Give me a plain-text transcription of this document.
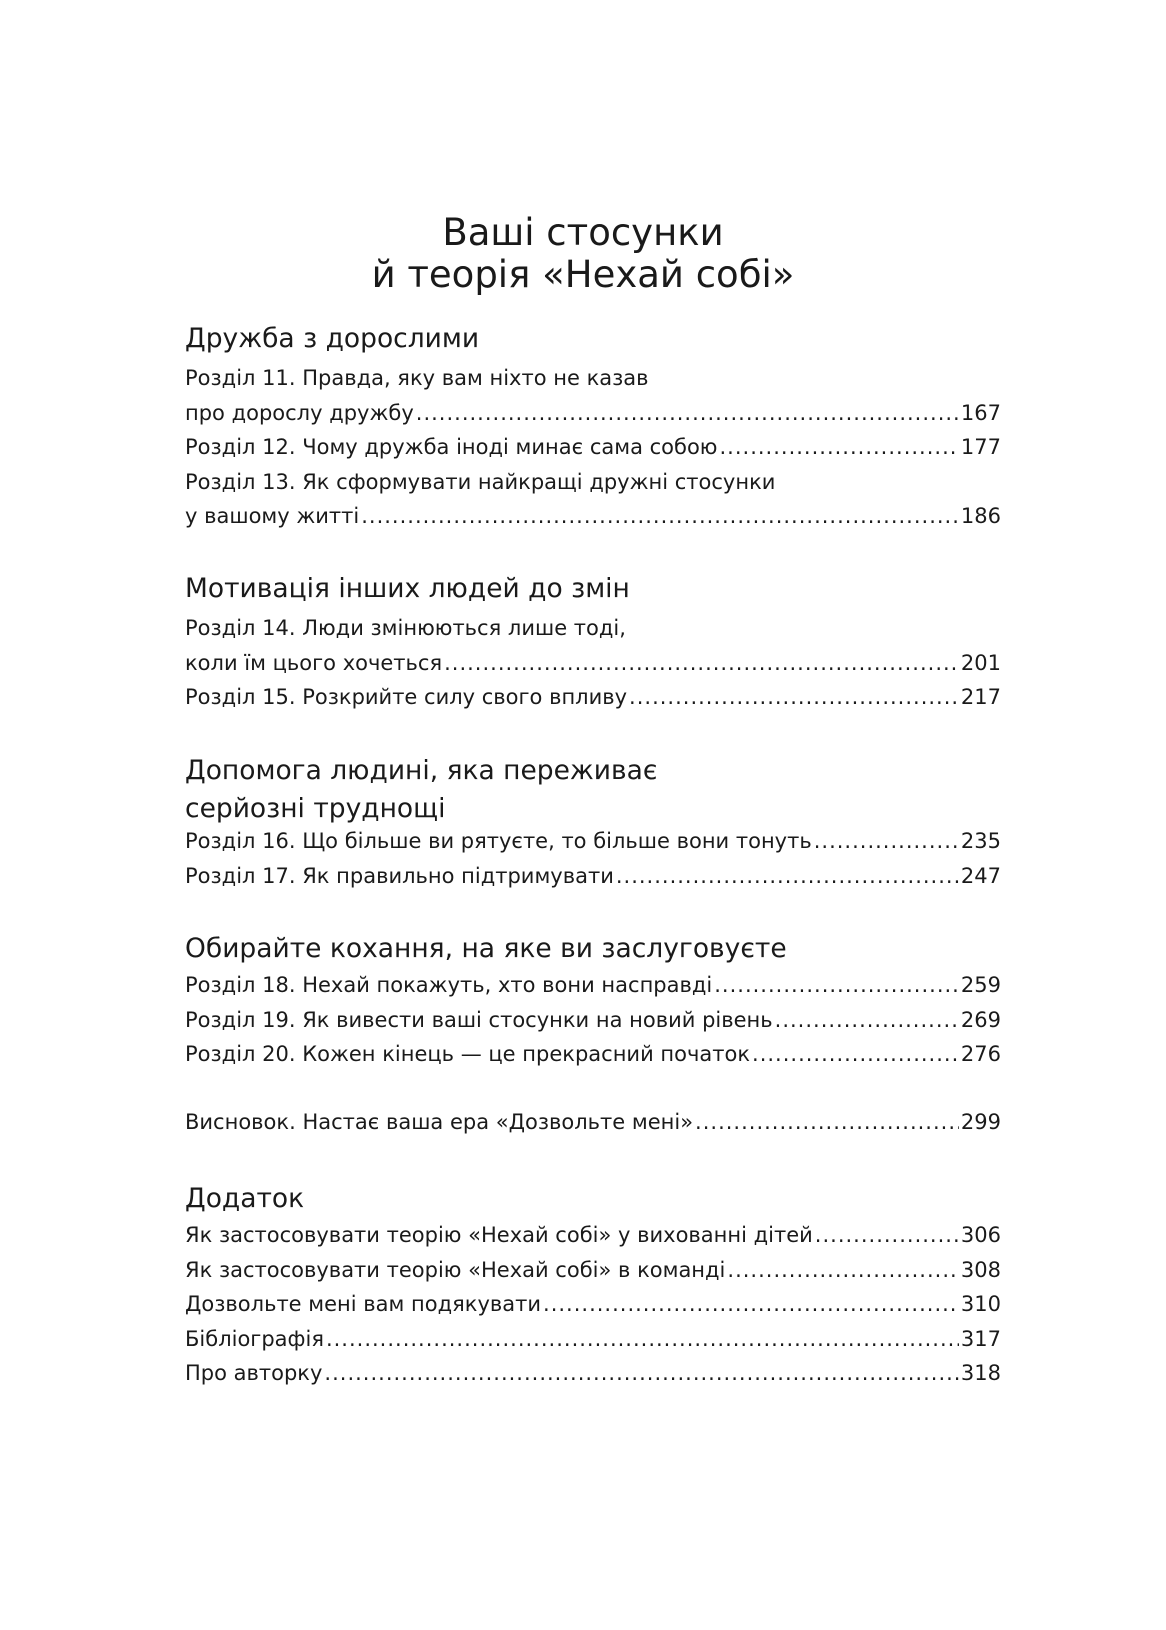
Ваші стосунки
й теорія «Нехай собі»
Дружба з дорослими
Розділ 11. Правда, яку вам ніхто не казав
про дорослу дружбу .....	167
Розділ 12. Чому дружба іноді минає сама собою .....	177
Розділ 13. Як сформувати найкращі дружні стосунки
у вашому житті .....	186
Мотивація інших людей до змін
Розділ 14. Люди змінюються лише тоді,
коли їм цього хочеться .....	201
Розділ 15. Розкрийте силу свого впливу .....	217
Допомога людині, яка переживає
серйозні труднощі
Розділ 16. Що більше ви рятуєте, то більше вони тонуть .....	235
Розділ 17. Як правильно підтримувати .....	247
Обирайте кохання, на яке ви заслуговуєте
Розділ 18. Нехай покажуть, хто вони насправді .....	259
Розділ 19. Як вивести ваші стосунки на новий рівень .....	269
Розділ 20. Кожен кінець — це прекрасний початок .....	276
Висновок. Настає ваша ера «Дозвольте мені» .....	299
Додаток
Як застосовувати теорію «Нехай собі» у вихованні дітей .....	306
Як застосовувати теорію «Нехай собі» в команді .....	308
Дозвольте мені вам подякувати .....	310
Бібліографія .....	317
Про авторку .....	318
